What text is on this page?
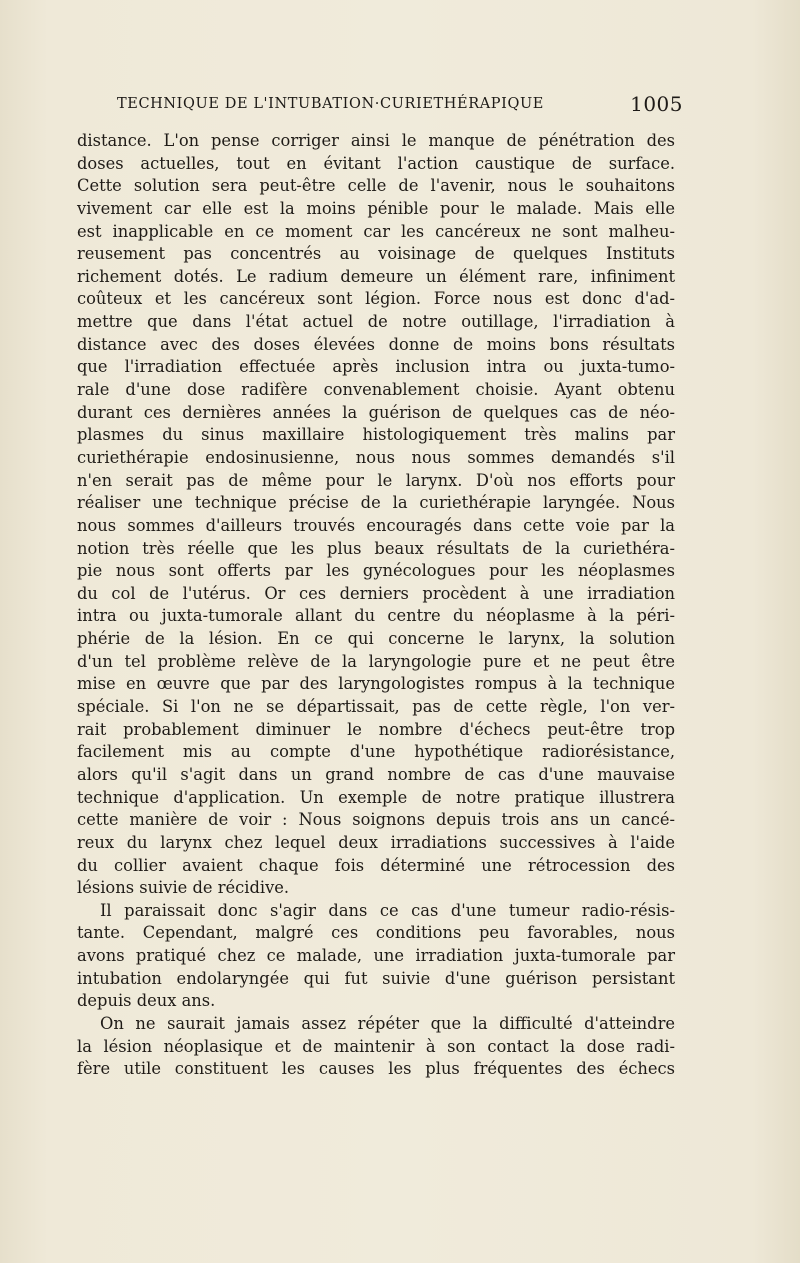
TECHNIQUE DE L'INTUBATION·CURIETHÉRAPIQUE	1005
distance. L'on pense corriger ainsi le manque de pénétration des
doses actuelles, tout en évitant l'action caustique de surface.
Cette solution sera peut-être celle de l'avenir, nous le souhaitons
vivement car elle est la moins pénible pour le malade. Mais elle
est inapplicable en ce moment car les cancéreux ne sont malheu-
reusement pas concentrés au voisinage de quelques Instituts
richement dotés. Le radium demeure un élément rare, infiniment
coûteux et les cancéreux sont légion. Force nous est donc d'ad-
mettre que dans l'état actuel de notre outillage, l'irradiation à
distance avec des doses élevées donne de moins bons résultats
que l'irradiation effectuée après inclusion intra ou juxta-tumo-
rale d'une dose radifère convenablement choisie. Ayant obtenu
durant ces dernières années la guérison de quelques cas de néo-
plasmes du sinus maxillaire histologiquement très malins par
curiethérapie endosinusienne, nous nous sommes demandés s'il
n'en serait pas de même pour le larynx. D'où nos efforts pour
réaliser une technique précise de la curiethérapie laryngée. Nous
nous sommes d'ailleurs trouvés encouragés dans cette voie par la
notion très réelle que les plus beaux résultats de la curiethéra-
pie nous sont offerts par les gynécologues pour les néoplasmes
du col de l'utérus. Or ces derniers procèdent à une irradiation
intra ou juxta-tumorale allant du centre du néoplasme à la péri-
phérie de la lésion. En ce qui concerne le larynx, la solution
d'un tel problème relève de la laryngologie pure et ne peut être
mise en œuvre que par des laryngologistes rompus à la technique
spéciale. Si l'on ne se départissait, pas de cette règle, l'on ver-
rait probablement diminuer le nombre d'échecs peut-être trop
facilement mis au compte d'une hypothétique radiorésistance,
alors qu'il s'agit dans un grand nombre de cas d'une mauvaise
technique d'application. Un exemple de notre pratique illustrera
cette manière de voir : Nous soignons depuis trois ans un cancé-
reux du larynx chez lequel deux irradiations successives à l'aide
du collier avaient chaque fois déterminé une rétrocession des
lésions suivie de récidive.
Il paraissait donc s'agir dans ce cas d'une tumeur radio-résis-
tante. Cependant, malgré ces conditions peu favorables, nous
avons pratiqué chez ce malade, une irradiation juxta-tumorale par
intubation endolaryngée qui fut suivie d'une guérison persistant
depuis deux ans.
On ne saurait jamais assez répéter que la difficulté d'atteindre
la lésion néoplasique et de maintenir à son contact la dose radi-
fère utile constituent les causes les plus fréquentes des échecs
